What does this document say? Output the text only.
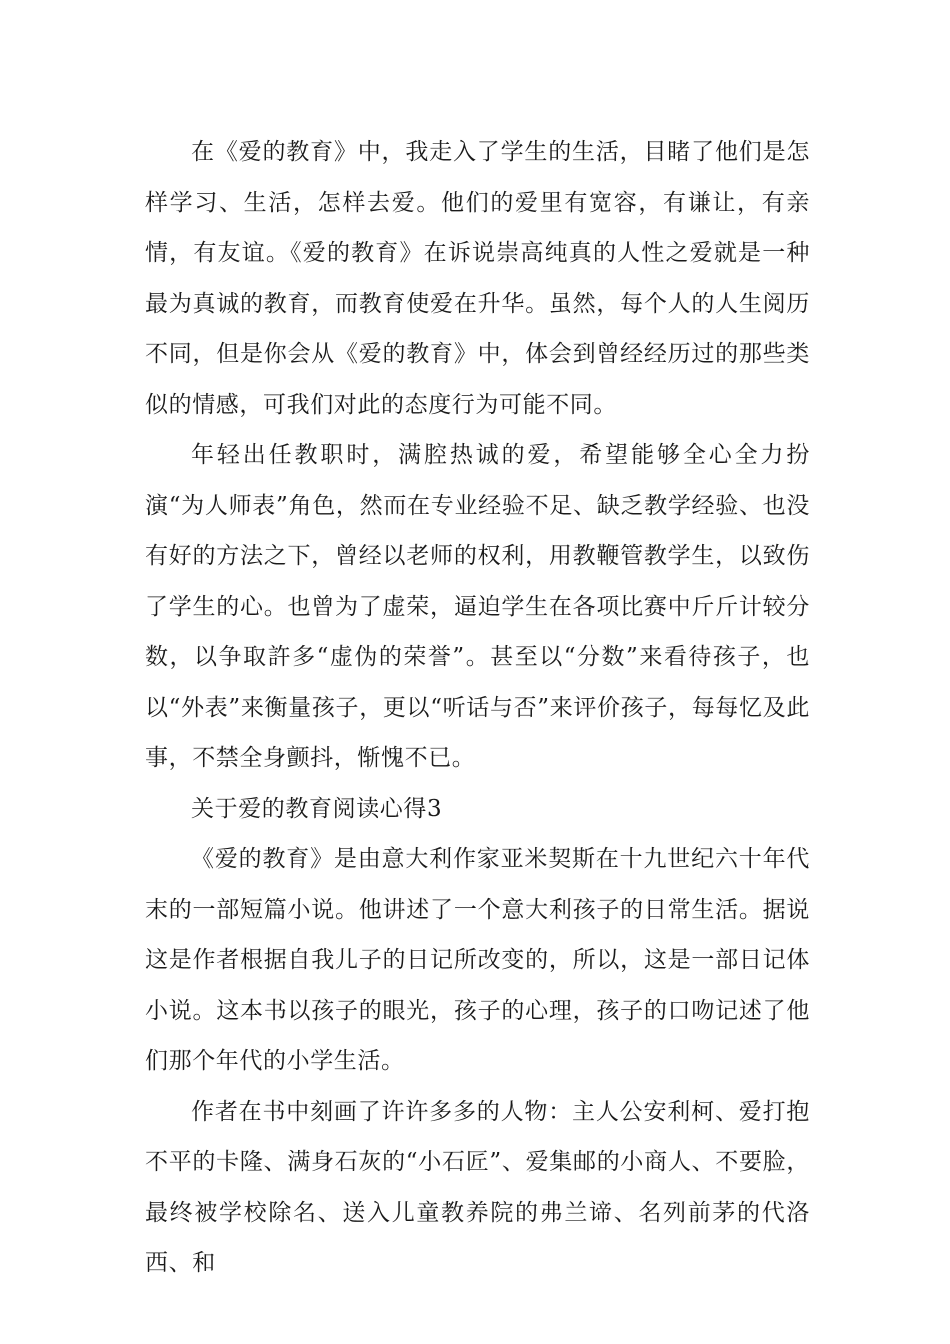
在《爱的教育》中，我走入了学生的生活，目睹了他们是怎样学习、生活，怎样去爱。他们的爱里有宽容，有谦让，有亲情，有友谊。《爱的教育》在诉说崇高纯真的人性之爱就是一种最为真诚的教育，而教育使爱在升华。虽然，每个人的人生阅历不同，但是你会从《爱的教育》中，体会到曾经经历过的那些类似的情感，可我们对此的态度行为可能不同。

年轻出任教职时，满腔热诚的爱，希望能够全心全力扮演“为人师表”角色，然而在专业经验不足、缺乏教学经验、也没有好的方法之下，曾经以老师的权利，用教鞭管教学生，以致伤了学生的心。也曾为了虚荣，逼迫学生在各项比赛中斤斤计较分数，以争取許多“虚伪的荣誉”。甚至以“分数”来看待孩子，也以“外表”来衡量孩子，更以“听话与否”来评价孩子，每每忆及此事，不禁全身颤抖，惭愧不已。

关于爱的教育阅读心得3

《爱的教育》是由意大利作家亚米契斯在十九世纪六十年代末的一部短篇小说。他讲述了一个意大利孩子的日常生活。据说这是作者根据自我儿子的日记所改变的，所以，这是一部日记体小说。这本书以孩子的眼光，孩子的心理，孩子的口吻记述了他们那个年代的小学生活。

作者在书中刻画了许许多多的人物：主人公安利柯、爱打抱不平的卡隆、满身石灰的“小石匠”、爱集邮的小商人、不要脸，最终被学校除名、送入儿童教养院的弗兰谛、名列前茅的代洛西、和
